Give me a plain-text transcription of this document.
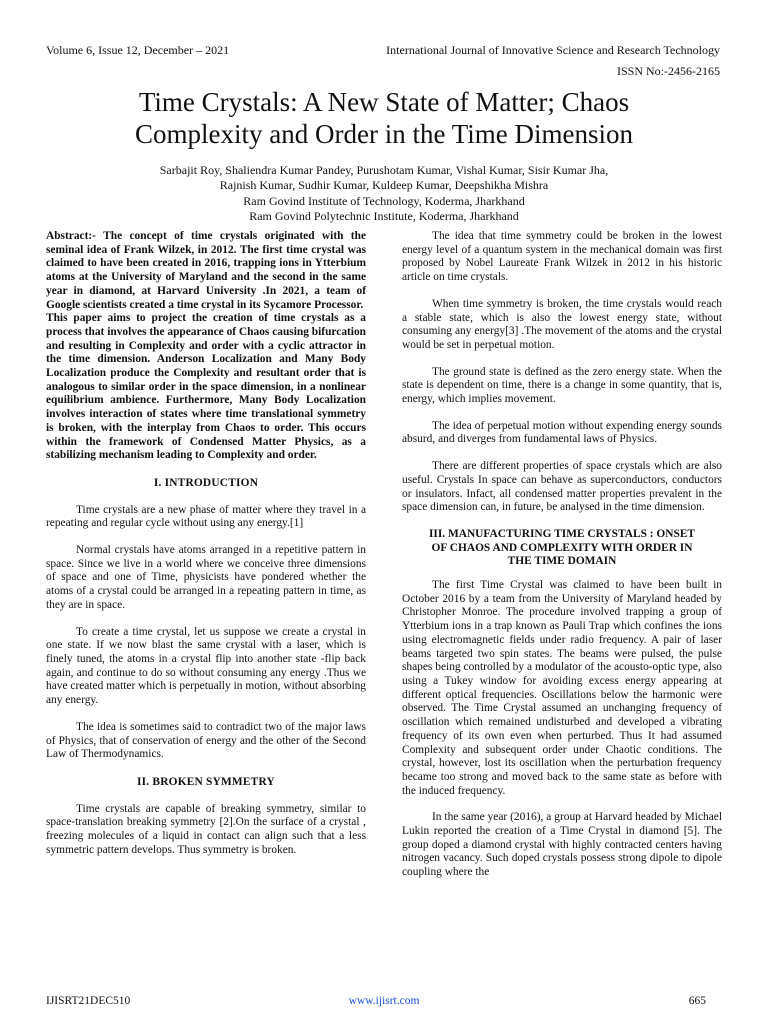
Volume 6, Issue 12, December – 2021	International Journal of Innovative Science and Research Technology
ISSN No:-2456-2165
Time Crystals: A New State of Matter; Chaos
Complexity and Order in the Time Dimension
Sarbajit Roy, Shaliendra Kumar Pandey, Purushotam Kumar, Vishal Kumar, Sisir Kumar Jha,
Rajnish Kumar, Sudhir Kumar, Kuldeep Kumar, Deepshikha Mishra
Ram Govind Institute of Technology, Koderma, Jharkhand
Ram Govind Polytechnic Institute, Koderma, Jharkhand

Abstract:- The concept of time crystals originated with the seminal idea of Frank Wilzek, in 2012. The first time crystal was claimed to have been created in 2016, trapping ions in Ytterbium atoms at the University of Maryland and the second in the same year in diamond, at Harvard University .In 2021, a team of Google scientists created a time crystal in its Sycamore Processor.

This paper aims to project the creation of time crystals as a process that involves the appearance of Chaos causing bifurcation and resulting in Complexity and order with a cyclic attractor in the time dimension. Anderson Localization and Many Body Localization produce the Complexity and resultant order that is analogous to similar order in the space dimension, in a nonlinear equilibrium ambience. Furthermore, Many Body Localization involves interaction of states where time translational symmetry is broken, with the interplay from Chaos to order. This occurs within the framework of Condensed Matter Physics, as a stabilizing mechanism leading to Complexity and order.

I. INTRODUCTION

Time crystals are a new phase of matter where they travel in a repeating and regular cycle without using any energy.[1]

Normal crystals have atoms arranged in a repetitive pattern in space. Since we live in a world where we conceive three dimensions of space and one of Time, physicists have pondered whether the atoms of a crystal could be arranged in a repeating pattern in time, as they are in space.

To create a time crystal, let us suppose we create a crystal in one state. If we now blast the same crystal with a laser, which is finely tuned, the atoms in a crystal flip into another state -flip back again, and continue to do so without consuming any energy .Thus we have created matter which is perpetually in motion, without absorbing any energy.

The idea is sometimes said to contradict two of the major laws of Physics, that of conservation of energy and the other of the Second Law of Thermodynamics.

II. BROKEN SYMMETRY

Time crystals are capable of breaking symmetry, similar to space-translation breaking symmetry [2].On the surface of a crystal , freezing molecules of a liquid in contact can align such that a less symmetric pattern develops. Thus symmetry is broken.

The idea that time symmetry could be broken in the lowest energy level of a quantum system in the mechanical domain was first proposed by Nobel Laureate Frank Wilzek in 2012 in his historic article on time crystals.

When time symmetry is broken, the time crystals would reach a stable state, which is also the lowest energy state, without consuming any energy[3] .The movement of the atoms and the crystal would be set in perpetual motion.

The ground state is defined as the zero energy state. When the state is dependent on time, there is a change in some quantity, that is, energy, which implies movement.

The idea of perpetual motion without expending energy sounds absurd, and diverges from fundamental laws of Physics.

There are different properties of space crystals which are also useful. Crystals In space can behave as superconductors, conductors or insulators. Infact, all condensed matter properties prevalent in the space dimension can, in future, be analysed in the time dimension.

III. MANUFACTURING TIME CRYSTALS : ONSET
OF CHAOS AND COMPLEXITY WITH ORDER IN
THE TIME DOMAIN

The first Time Crystal was claimed to have been built in October 2016 by a team from the University of Maryland headed by Christopher Monroe. The procedure involved trapping a group of Ytterbium ions in a trap known as Pauli Trap which confines the ions using electromagnetic fields under radio frequency. A pair of laser beams targeted two spin states. The beams were pulsed, the pulse shapes being controlled by a modulator of the acousto-optic type, also using a Tukey window for avoiding excess energy appearing at different optical frequencies. Oscillations below the harmonic were observed. The Time Crystal assumed an unchanging frequency of oscillation which remained undisturbed and developed a vibrating frequency of its own even when perturbed. Thus It had assumed Complexity and subsequent order under Chaotic conditions. The crystal, however, lost its oscillation when the perturbation frequency became too strong and moved back to the same state as before with the induced frequency.

In the same year (2016), a group at Harvard headed by Michael Lukin reported the creation of a Time Crystal in diamond [5]. The group doped a diamond crystal with highly contracted centers having nitrogen vacancy. Such doped crystals possess strong dipole to dipole coupling where the

IJISRT21DEC510	www.ijisrt.com	665
